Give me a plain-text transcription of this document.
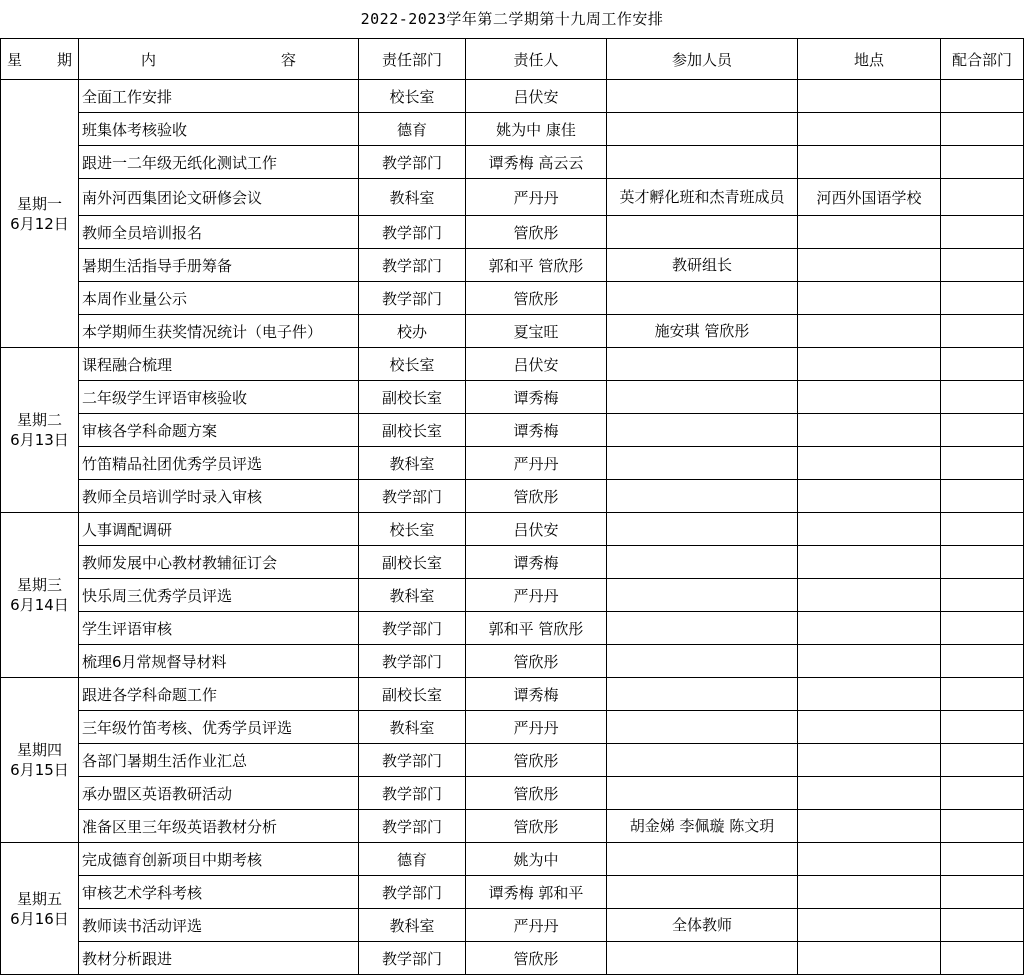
2022-2023学年第二学期第十九周工作安排
星 期	内 容	责任部门	责任人	参加人员	地点	配合部门

星期一
6月12日	全面工作安排	校长室	吕伏安			
	班集体考核验收	德育	姚为中 康佳			
	跟进一二年级无纸化测试工作	教学部门	谭秀梅 高云云			
	南外河西集团论文研修会议	教科室	严丹丹	英才孵化班和杰青班成员	河西外国语学校	
	教师全员培训报名	教学部门	管欣彤			
	暑期生活指导手册筹备	教学部门	郭和平 管欣彤	教研组长		
	本周作业量公示	教学部门	管欣彤			
	本学期师生获奖情况统计（电子件）	校办	夏宝旺	施安琪 管欣彤		

星期二
6月13日	课程融合梳理	校长室	吕伏安			
	二年级学生评语审核验收	副校长室	谭秀梅			
	审核各学科命题方案	副校长室	谭秀梅			
	竹笛精品社团优秀学员评选	教科室	严丹丹			
	教师全员培训学时录入审核	教学部门	管欣彤			

星期三
6月14日	人事调配调研	校长室	吕伏安			
	教师发展中心教材教辅征订会	副校长室	谭秀梅			
	快乐周三优秀学员评选	教科室	严丹丹			
	学生评语审核	教学部门	郭和平 管欣彤			
	梳理6月常规督导材料	教学部门	管欣彤			

星期四
6月15日	跟进各学科命题工作	副校长室	谭秀梅			
	三年级竹笛考核、优秀学员评选	教科室	严丹丹			
	各部门暑期生活作业汇总	教学部门	管欣彤			
	承办盟区英语教研活动	教学部门	管欣彤			
	准备区里三年级英语教材分析	教学部门	管欣彤	胡金娣 李佩璇 陈文玥		

星期五
6月16日	完成德育创新项目中期考核	德育	姚为中			
	审核艺术学科考核	教学部门	谭秀梅 郭和平			
	教师读书活动评选	教科室	严丹丹	全体教师		
	教材分析跟进	教学部门	管欣彤			
